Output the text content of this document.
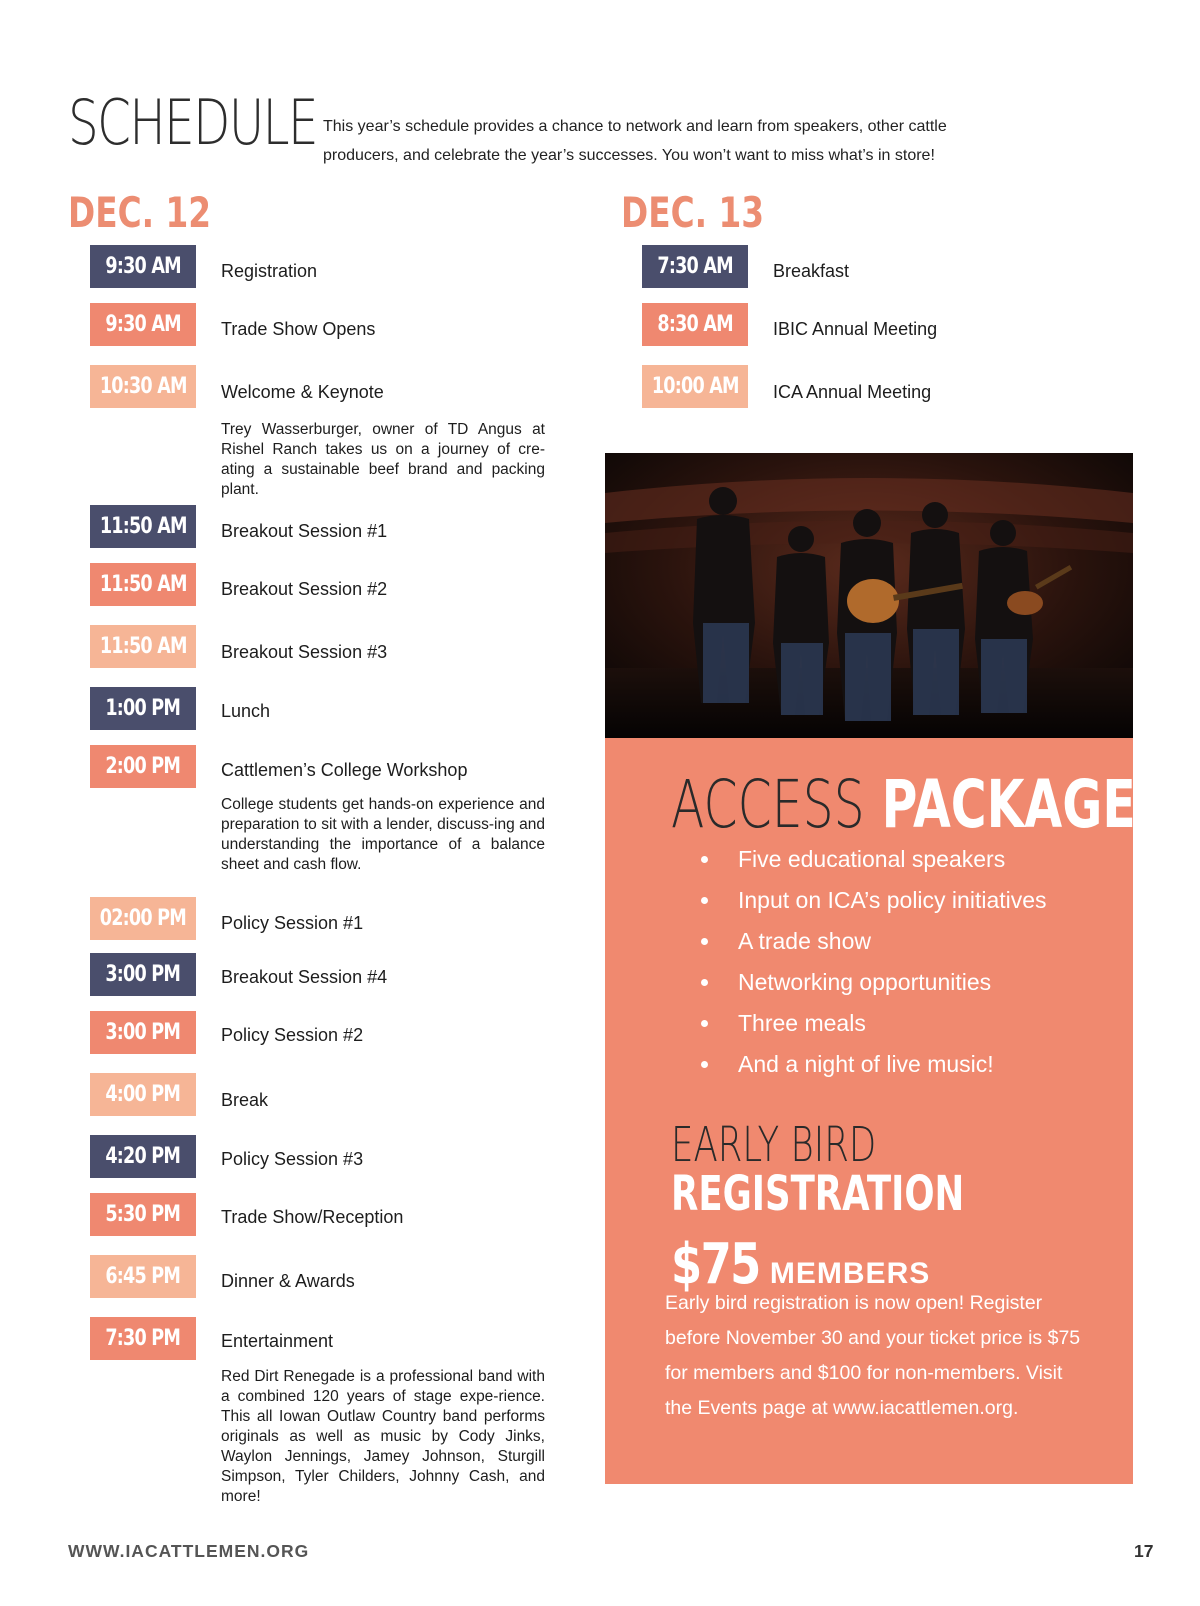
SCHEDULE This year’s schedule provides a chance to network and learn from speakers, other cattle producers, and celebrate the year’s successes. You won’t want to miss what’s in store!

DEC. 12	DEC. 13
9:30 AM Registration
9:30 AM Trade Show Opens
10:30 AM Welcome & Keynote

Trey Wasserburger, owner of TD Angus at Rishel Ranch takes us on a journey of cre-ating a sustainable beef brand and packing plant.

11:50 AM Breakout Session #1
11:50 AM Breakout Session #2
11:50 AM Breakout Session #3
1:00 PM Lunch
2:00 PM Cattlemen’s College Workshop

College students get hands-on experience and preparation to sit with a lender, discuss-ing and understanding the importance of a balance sheet and cash flow.

02:00 PM Policy Session #1
3:00 PM Breakout Session #4
3:00 PM Policy Session #2
4:00 PM Break
4:20 PM Policy Session #3
5:30 PM Trade Show/Reception
6:45 PM Dinner & Awards
7:30 PM Entertainment

Red Dirt Renegade is a professional band with a combined 120 years of stage expe-rience. This all Iowan Outlaw Country band performs originals as well as music by Cody Jinks, Waylon Jennings, Jamey Johnson, Sturgill Simpson, Tyler Childers, Johnny Cash, and more!

7:30 AM Breakfast
8:30 AM IBIC Annual Meeting
10:00 AM ICA Annual Meeting
ACCESS PACKAGE
Five educational speakers
Input on ICA’s policy initiatives
A trade show
Networking opportunities
Three meals
And a night of live music!
EARLY BIRD
REGISTRATION
$75 MEMBERS

Early bird registration is now open! Register before November 30 and your ticket price is $75 for members and $100 for non-members. Visit the Events page at www.iacattlemen.org.

WWW.IACATTLEMEN.ORG	17
